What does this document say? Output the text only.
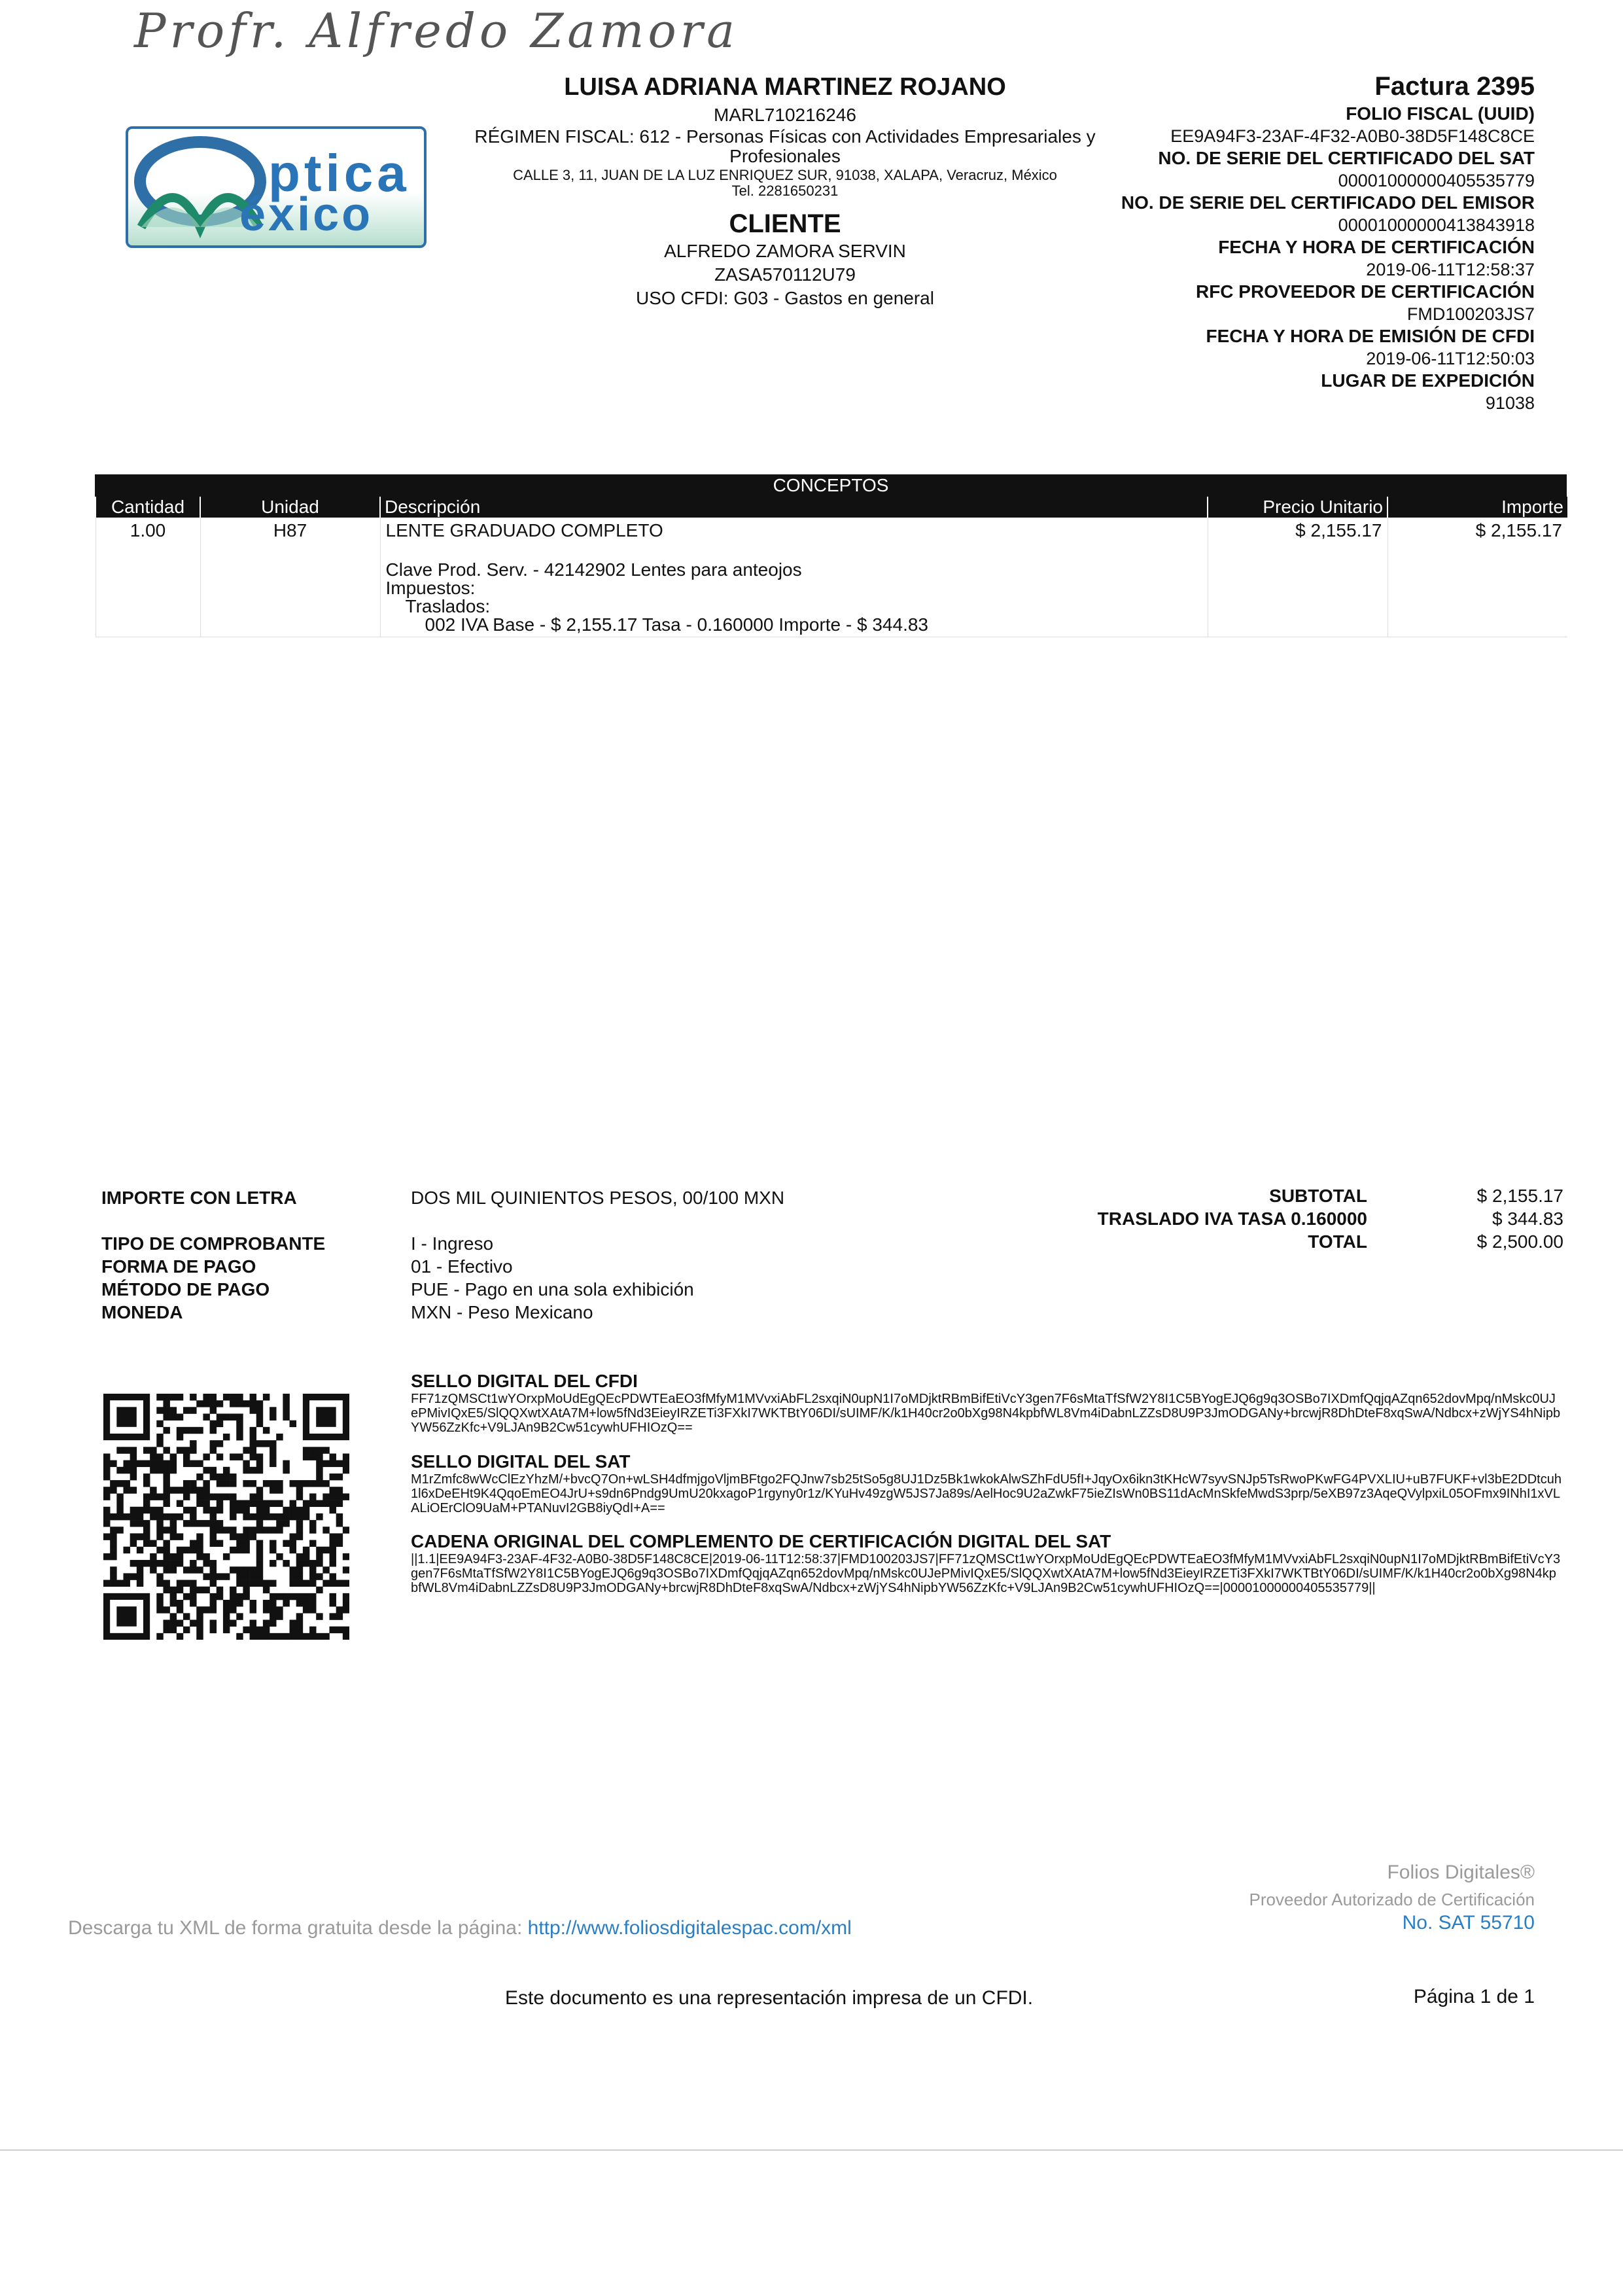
Profr. Alfredo Zamora
ptica
éxico
LUISA ADRIANA MARTINEZ ROJANO
MARL710216246
RÉGIMEN FISCAL: 612 - Personas Físicas con Actividades Empresariales y Profesionales
CALLE 3, 11, JUAN DE LA LUZ ENRIQUEZ SUR, 91038, XALAPA, Veracruz, México
Tel. 2281650231
CLIENTE
ALFREDO ZAMORA SERVIN
ZASA570112U79
USO CFDI: G03 - Gastos en general
Factura 2395
FOLIO FISCAL (UUID)
EE9A94F3-23AF-4F32-A0B0-38D5F148C8CE
NO. DE SERIE DEL CERTIFICADO DEL SAT
00001000000405535779
NO. DE SERIE DEL CERTIFICADO DEL EMISOR
00001000000413843918
FECHA Y HORA DE CERTIFICACIÓN
2019-06-11T12:58:37
RFC PROVEEDOR DE CERTIFICACIÓN
FMD100203JS7
FECHA Y HORA DE EMISIÓN DE CFDI
2019-06-11T12:50:03
LUGAR DE EXPEDICIÓN
91038
CONCEPTOS
Cantidad	Unidad	Descripción	Precio Unitario	Importe
1.00	H87	LENTE GRADUADO COMPLETO
Clave Prod. Serv. - 42142902 Lentes para anteojos
Impuestos:
Traslados:
002 IVA Base - $ 2,155.17 Tasa - 0.160000 Importe - $ 344.83	$ 2,155.17	$ 2,155.17
IMPORTE CON LETRA	DOS MIL QUINIENTOS PESOS, 00/100 MXN
TIPO DE COMPROBANTE	I - Ingreso
FORMA DE PAGO	01 - Efectivo
MÉTODO DE PAGO	PUE - Pago en una sola exhibición
MONEDA	MXN - Peso Mexicano
SUBTOTAL	$ 2,155.17
TRASLADO IVA TASA 0.160000	$ 344.83
TOTAL	$ 2,500.00
SELLO DIGITAL DEL CFDI
FF71zQMSCt1wYOrxpMoUdEgQEcPDWTEaEO3fMfyM1MVvxiAbFL2sxqiN0upN1I7oMDjktRBmBifEtiVcY3gen7F6sMtaTfSfW2Y8I1C5BYogEJQ6g9q3OSBo7IXDmfQqjqAZqn652dovMpq/nMskc0UJePMivIQxE5/SlQQXwtXAtA7M+low5fNd3EieyIRZETi3FXkI7WKTBtY06DI/sUIMF/K/k1H40cr2o0bXg98N4kpbfWL8Vm4iDabnLZZsD8U9P3JmODGANy+brcwjR8DhDteF8xqSwA/Ndbcx+zWjYS4hNipbYW56ZzKfc+V9LJAn9B2Cw51cywhUFHIOzQ==
SELLO DIGITAL DEL SAT
M1rZmfc8wWcClEzYhzM/+bvcQ7On+wLSH4dfmjgoVljmBFtgo2FQJnw7sb25tSo5g8UJ1Dz5Bk1wkokAlwSZhFdU5fI+JqyOx6ikn3tKHcW7syvSNJp5TsRwoPKwFG4PVXLIU+uB7FUKF+vl3bE2DDtcuh1l6xDeEHt9K4QqoEmEO4JrU+s9dn6Pndg9UmU20kxagoP1rgyny0r1z/KYuHv49zgW5JS7Ja89s/AelHoc9U2aZwkF75ieZIsWn0BS11dAcMnSkfeMwdS3prp/5eXB97z3AqeQVylpxiL05OFmx9INhI1xVLALiOErClO9UaM+PTANuvI2GB8iyQdI+A==
CADENA ORIGINAL DEL COMPLEMENTO DE CERTIFICACIÓN DIGITAL DEL SAT
||1.1|EE9A94F3-23AF-4F32-A0B0-38D5F148C8CE|2019-06-11T12:58:37|FMD100203JS7|FF71zQMSCt1wYOrxpMoUdEgQEcPDWTEaEO3fMfyM1MVvxiAbFL2sxqiN0upN1I7oMDjktRBmBifEtiVcY3gen7F6sMtaTfSfW2Y8I1C5BYogEJQ6g9q3OSBo7IXDmfQqjqAZqn652dovMpq/nMskc0UJePMivIQxE5/SlQQXwtXAtA7M+low5fNd3EieyIRZETi3FXkI7WKTBtY06DI/sUIMF/K/k1H40cr2o0bXg98N4kpbfWL8Vm4iDabnLZZsD8U9P3JmODGANy+brcwjR8DhDteF8xqSwA/Ndbcx+zWjYS4hNipbYW56ZzKfc+V9LJAn9B2Cw51cywhUFHIOzQ==|00001000000405535779||
Folios Digitales®
Proveedor Autorizado de Certificación
No. SAT 55710
Descarga tu XML de forma gratuita desde la página: http://www.foliosdigitalespac.com/xml
Este documento es una representación impresa de un CFDI.	Página 1 de 1
